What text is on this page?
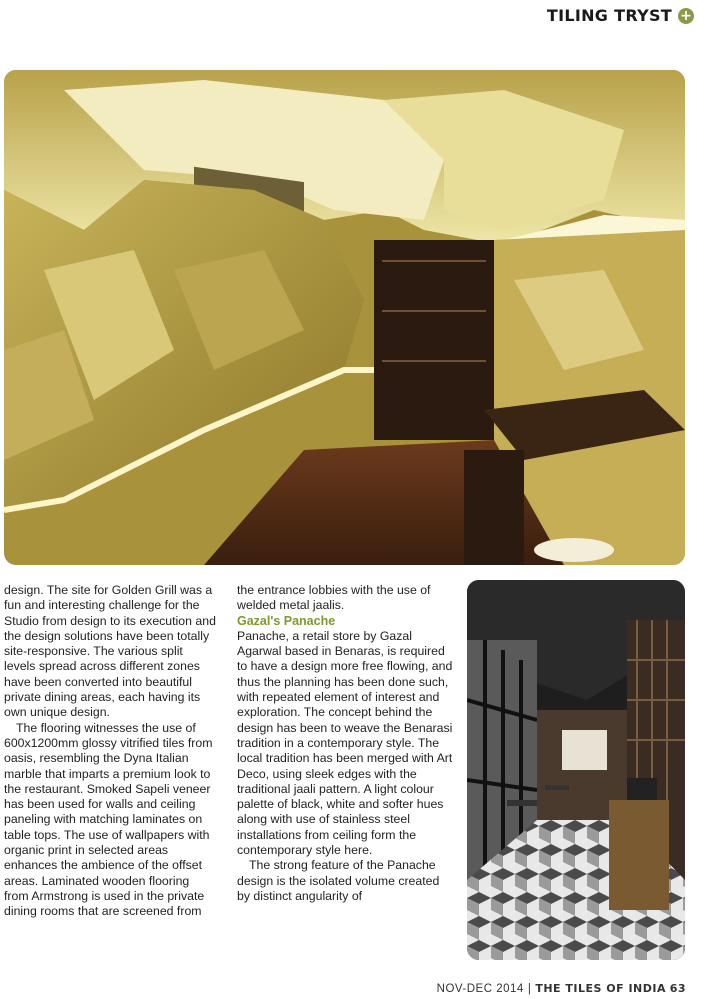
TILING TRYST +

design. The site for Golden Grill was a fun and interesting challenge for the Studio from design to its execution and the design solutions have been totally site-responsive. The various split levels spread across different zones have been converted into beautiful private dining areas, each having its own unique design.

The flooring witnesses the use of 600x1200mm glossy vitrified tiles from oasis, resembling the Dyna Italian marble that imparts a premium look to the restaurant. Smoked Sapeli veneer has been used for walls and ceiling paneling with matching laminates on table tops. The use of wallpapers with organic print in selected areas enhances the ambience of the offset areas. Laminated wooden flooring from Armstrong is used in the private dining rooms that are screened from

the entrance lobbies with the use of welded metal jaalis.

Gazal's Panache

Panache, a retail store by Gazal Agarwal based in Benaras, is required to have a design more free flowing, and thus the planning has been done such, with repeated element of interest and exploration. The concept behind the design has been to weave the Benarasi tradition in a contemporary style. The local tradition has been merged with Art Deco, using sleek edges with the traditional jaali pattern. A light colour palette of black, white and softer hues along with use of stainless steel installations from ceiling form the contemporary style here.

The strong feature of the Panache design is the isolated volume created by distinct angularity of

NOV-DEC 2014 | THE TILES OF INDIA 63
